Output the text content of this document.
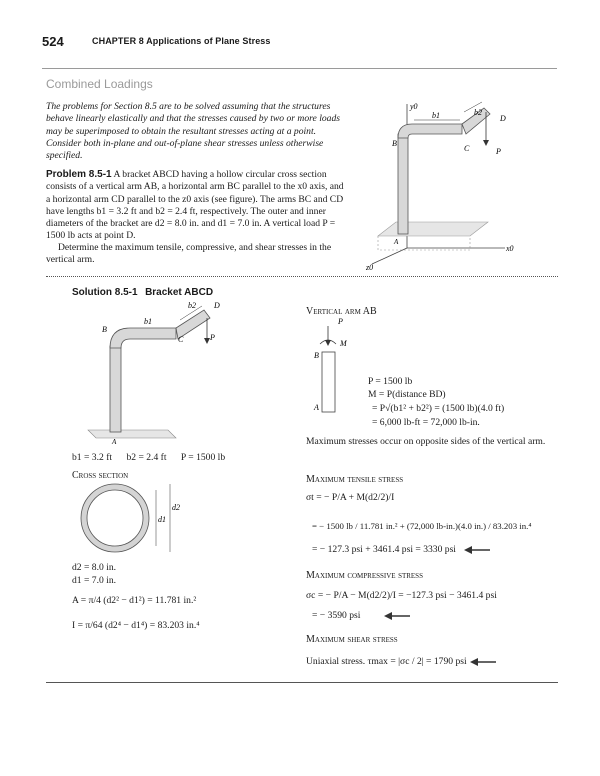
524	CHAPTER 8 Applications of Plane Stress
Combined Loadings
The problems for Section 8.5 are to be solved assuming that the structures behave linearly elastically and that the stresses caused by two or more loads may be superimposed to obtain the resultant stresses acting at a point. Consider both in-plane and out-of-plane shear stresses unless otherwise specified.
Problem 8.5-1 A bracket ABCD having a hollow circular cross section consists of a vertical arm AB, a horizontal arm BC parallel to the x0 axis, and a horizontal arm CD parallel to the z0 axis (see figure). The arms BC and CD have lengths b1 = 3.2 ft and b2 = 2.4 ft, respectively. The outer and inner diameters of the bracket are d2 = 8.0 in. and d1 = 7.0 in. A vertical load P = 1500 lb acts at point D.
Determine the maximum tensile, compressive, and shear stresses in the vertical arm.
y0
x0
z0
B
C
D
P
b1	b2
A
Solution 8.5-1 Bracket ABCD
B
C
D
P
b1
b2
A
b1 = 3.2 ft b2 = 2.4 ft P = 1500 lb
Cross section
d1
d2
d2 = 8.0 in.
d1 = 7.0 in.
A = π/4 (d2² − d1²) = 11.781 in.²
I = π/64 (d2⁴ − d1⁴) = 83.203 in.⁴
Vertical arm AB
P
M
B
A
P = 1500 lb
M = P(distance BD)
= P√(b1² + b2²) = (1500 lb)(4.0 ft)
= 6,000 lb-ft = 72,000 lb-in.
Maximum stresses occur on opposite sides of the vertical arm.
Maximum tensile stress
σt = − P/A + M(d2/2)/I
= − 1500 lb / 11.781 in.² + (72,000 lb-in.)(4.0 in.) / 83.203 in.⁴
= − 127.3 psi + 3461.4 psi = 3330 psi
Maximum compressive stress
σc = − P/A − M(d2/2)/I = −127.3 psi − 3461.4 psi
= − 3590 psi
Maximum shear stress
Uniaxial stress. τmax = |σc / 2| = 1790 psi
